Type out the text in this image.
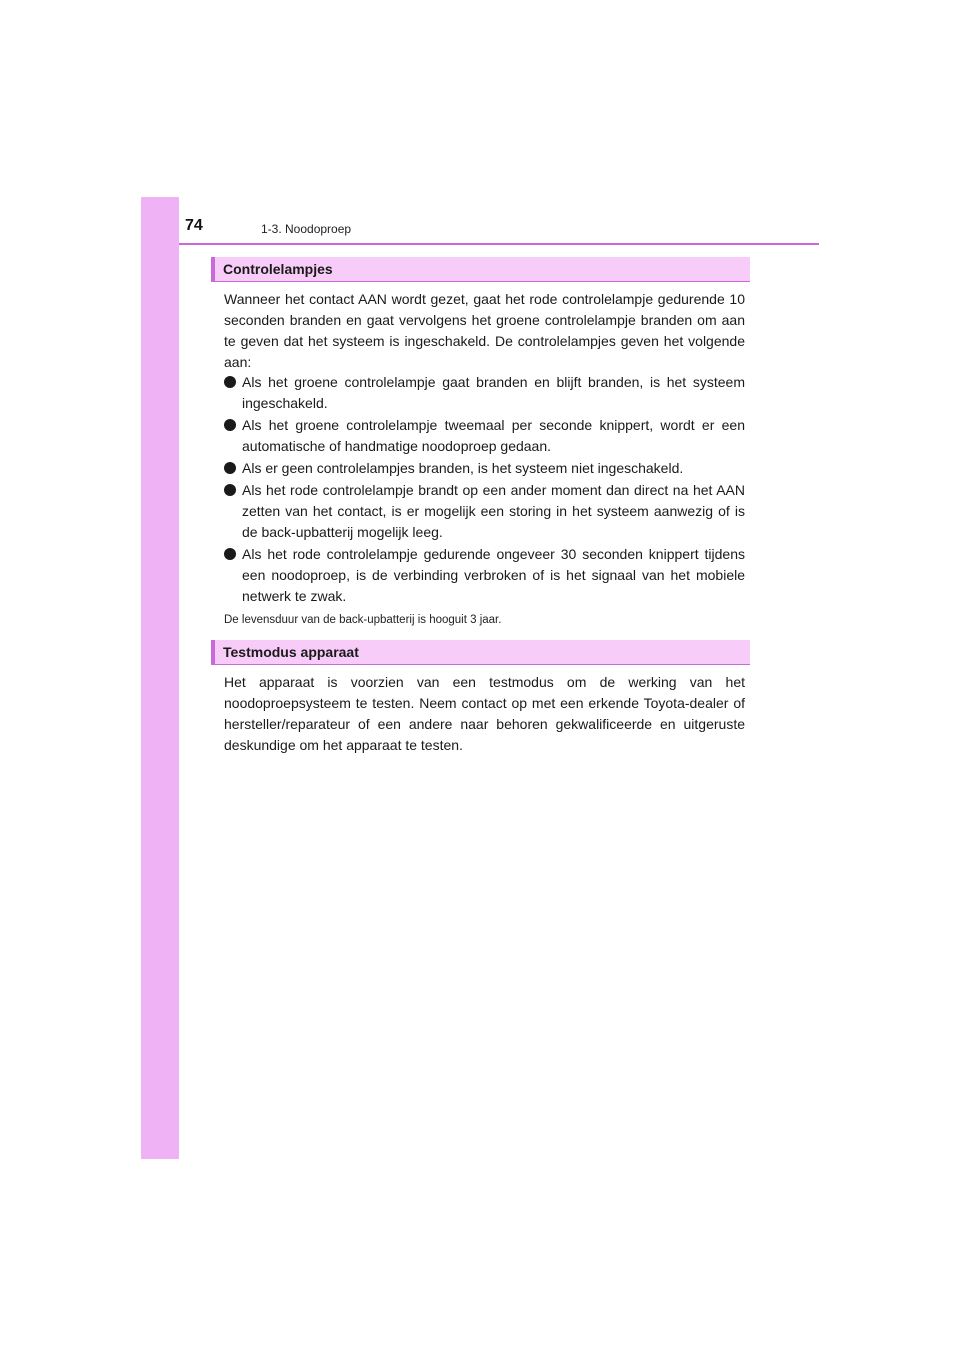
74	1-3. Noodoproep
Controlelampjes
Wanneer het contact AAN wordt gezet, gaat het rode controlelampje gedurende 10 seconden branden en gaat vervolgens het groene controlelampje branden om aan te geven dat het systeem is ingeschakeld. De controlelampjes geven het volgende aan:
Als het groene controlelampje gaat branden en blijft branden, is het systeem ingeschakeld.
Als het groene controlelampje tweemaal per seconde knippert, wordt er een automatische of handmatige noodoproep gedaan.
Als er geen controlelampjes branden, is het systeem niet ingeschakeld.
Als het rode controlelampje brandt op een ander moment dan direct na het AAN zetten van het contact, is er mogelijk een storing in het systeem aanwezig of is de back-upbatterij mogelijk leeg.
Als het rode controlelampje gedurende ongeveer 30 seconden knippert tijdens een noodoproep, is de verbinding verbroken of is het signaal van het mobiele netwerk te zwak.
De levensduur van de back-upbatterij is hooguit 3 jaar.
Testmodus apparaat
Het apparaat is voorzien van een testmodus om de werking van het noodoproepsysteem te testen. Neem contact op met een erkende Toyota-dealer of hersteller/reparateur of een andere naar behoren gekwalificeerde en uitgeruste deskundige om het apparaat te testen.
